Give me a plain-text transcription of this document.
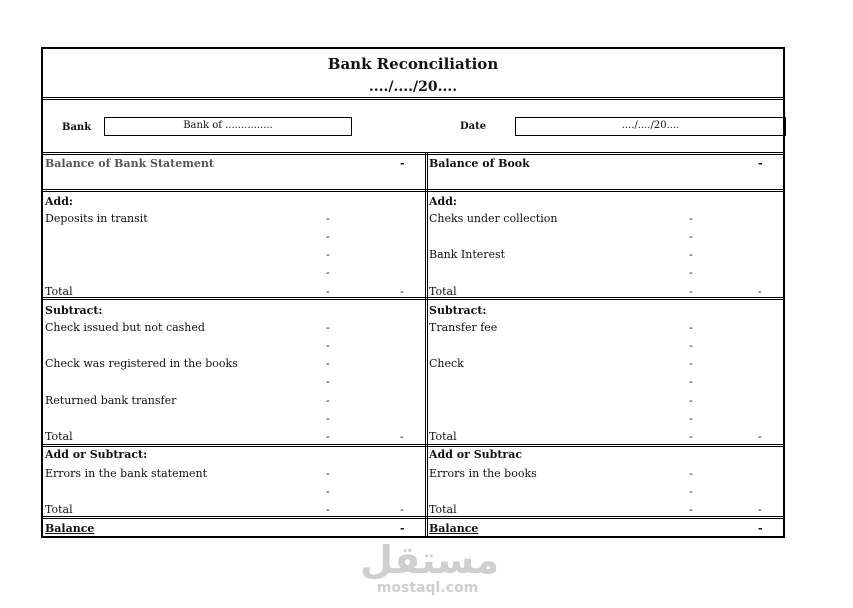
Bank Reconciliation
..../..../20....
Bank	Bank of ...............	Date	..../..../20....
Balance of Bank Statement	-
Add:
Deposits in transit	-
-
-
-
Total	-	-
Subtract:
Check issued but not cashed	-
-
Check was registered in the books	-
-
Returned bank transfer	-
-
Total	-	-
Add or Subtract:
Errors in the bank statement	-
-
Total	-	-
Balance	-
Balance of Book	-
Add:
Cheks under collection	-
-
Bank Interest	-
-
Total	-	-
Subtract:
Transfer fee	-
-
Check	-
-
-
-
Total	-	-
Add or Subtrac
Errors in the books	-
-
Total	-	-
Balance	-
مستقل
mostaql.com
